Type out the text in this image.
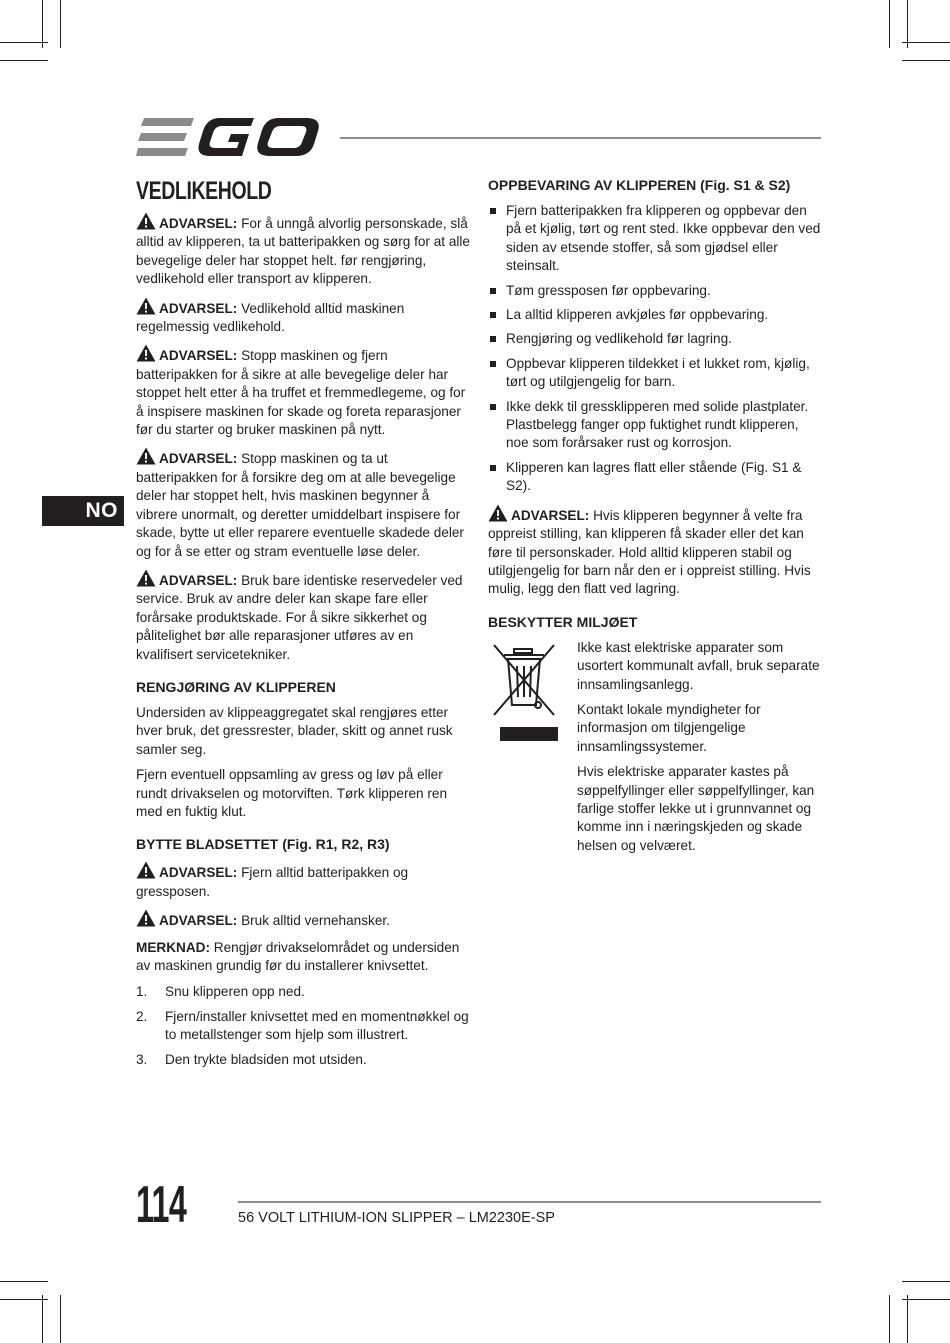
NO
VEDLIKEHOLD
ADVARSEL: For å unngå alvorlig personskade, slå alltid av klipperen, ta ut batteripakken og sørg for at alle bevegelige deler har stoppet helt. før rengjøring, vedlikehold eller transport av klipperen.
ADVARSEL: Vedlikehold alltid maskinen regelmessig vedlikehold.
ADVARSEL: Stopp maskinen og fjern batteripakken for å sikre at alle bevegelige deler har stoppet helt etter å ha truffet et fremmedlegeme, og for å inspisere maskinen for skade og foreta reparasjoner før du starter og bruker maskinen på nytt.
ADVARSEL: Stopp maskinen og ta ut batteripakken for å forsikre deg om at alle bevegelige deler har stoppet helt, hvis maskinen begynner å vibrere unormalt, og deretter umiddelbart inspisere for skade, bytte ut eller reparere eventuelle skadede deler og for å se etter og stram eventuelle løse deler.
ADVARSEL: Bruk bare identiske reservedeler ved service. Bruk av andre deler kan skape fare eller forårsake produktskade. For å sikre sikkerhet og pålitelighet bør alle reparasjoner utføres av en kvalifisert servicetekniker.
RENGJØRING AV KLIPPEREN
Undersiden av klippeaggregatet skal rengjøres etter hver bruk, det gressrester, blader, skitt og annet rusk samler seg.
Fjern eventuell oppsamling av gress og løv på eller rundt drivakselen og motorviften. Tørk klipperen ren med en fuktig klut.
BYTTE BLADSETTET (Fig. R1, R2, R3)
ADVARSEL: Fjern alltid batteripakken og gressposen.
ADVARSEL: Bruk alltid vernehansker.
MERKNAD: Rengjør drivakselområdet og undersiden av maskinen grundig før du installerer knivsettet.
1. Snu klipperen opp ned.
2. Fjern/installer knivsettet med en momentnøkkel og to metallstenger som hjelp som illustrert.
3. Den trykte bladsiden mot utsiden.
OPPBEVARING AV KLIPPEREN (Fig. S1 & S2)
Fjern batteripakken fra klipperen og oppbevar den på et kjølig, tørt og rent sted. Ikke oppbevar den ved siden av etsende stoffer, så som gjødsel eller steinsalt.
Tøm gressposen før oppbevaring.
La alltid klipperen avkjøles før oppbevaring.
Rengjøring og vedlikehold før lagring.
Oppbevar klipperen tildekket i et lukket rom, kjølig, tørt og utilgjengelig for barn.
Ikke dekk til gressklipperen med solide plastplater. Plastbelegg fanger opp fuktighet rundt klipperen, noe som forårsaker rust og korrosjon.
Klipperen kan lagres flatt eller stående (Fig. S1 & S2).
ADVARSEL: Hvis klipperen begynner å velte fra oppreist stilling, kan klipperen få skader eller det kan føre til personskader. Hold alltid klipperen stabil og utilgjengelig for barn når den er i oppreist stilling. Hvis mulig, legg den flatt ved lagring.
BESKYTTER MILJØET
Ikke kast elektriske apparater som usortert kommunalt avfall, bruk separate innsamlingsanlegg.
Kontakt lokale myndigheter for informasjon om tilgjengelige innsamlingssystemer.
Hvis elektriske apparater kastes på søppelfyllinger eller søppelfyllinger, kan farlige stoffer lekke ut i grunnvannet og komme inn i næringskjeden og skade helsen og velværet.
114	56 VOLT LITHIUM-ION SLIPPER – LM2230E-SP
